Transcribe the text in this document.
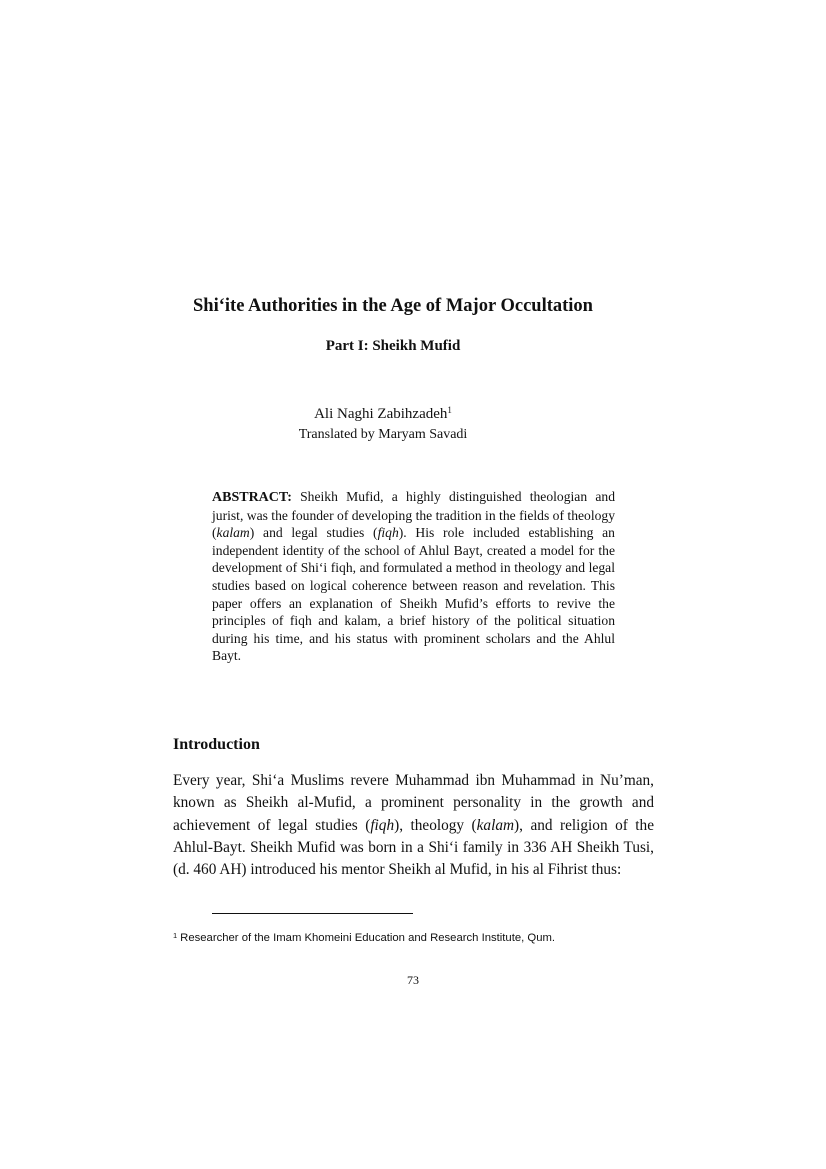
Shi‘ite Authorities in the Age of Major Occultation
Part I: Sheikh Mufid
Ali Naghi Zabihzadeh$^1$
Translated by Maryam Savadi
ABSTRACT: Sheikh Mufid, a highly distinguished theologian and jurist, was the founder of developing the tradition in the fields of theology (kalam) and legal studies (fiqh). His role included establishing an independent identity of the school of Ahlul Bayt, created a model for the development of Shi‘i fiqh, and formulated a method in theology and legal studies based on logical coherence between reason and revelation. This paper offers an explanation of Sheikh Mufid’s efforts to revive the principles of fiqh and kalam, a brief history of the political situation during his time, and his status with prominent scholars and the Ahlul Bayt.
Introduction
Every year, Shi‘a Muslims revere Muhammad ibn Muhammad in Nu’man, known as Sheikh al-Mufid, a prominent personality in the growth and achievement of legal studies (fiqh), theology (kalam), and religion of the Ahlul-Bayt. Sheikh Mufid was born in a Shi‘i family in 336 AH Sheikh Tusi, (d. 460 AH) introduced his mentor Sheikh al Mufid, in his al Fihrist thus:
$^1$ Researcher of the Imam Khomeini Education and Research Institute, Qum.
73
